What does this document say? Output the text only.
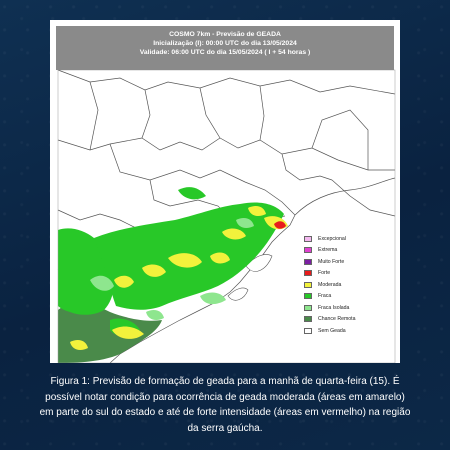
COSMO 7km - Previsão de GEADA
Inicialização (I): 00:00 UTC do dia 13/05/2024
Validade: 06:00 UTC do dia 15/05/2024 ( I + 54 horas )
Excepcional
Extrema
Muito Forte
Forte
Moderada
Fraca
Fraca Isolada
Chance Remota
Sem Geada
Figura 1: Previsão de formação de geada para a manhã de quarta-feira (15). É possível notar condição para ocorrência de geada moderada (áreas em amarelo) em parte do sul do estado e até de forte intensidade (áreas em vermelho) na região da serra gaúcha.
